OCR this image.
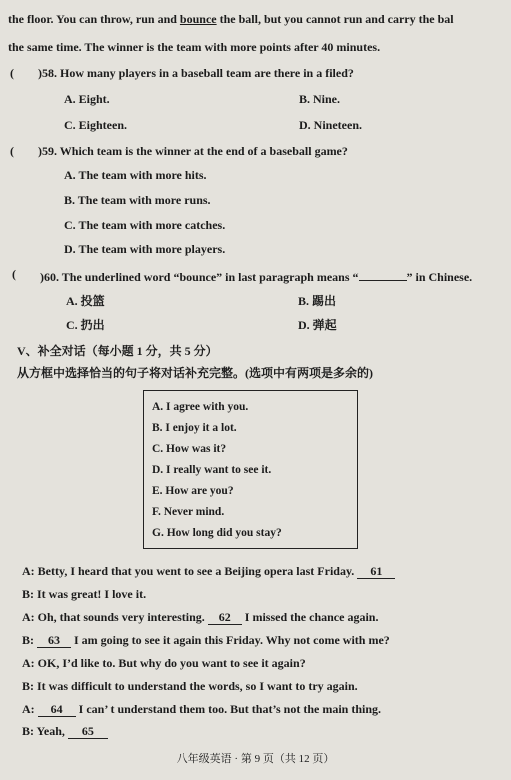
the floor. You can throw, run and bounce the ball, but you cannot run and carry the bal
the same time. The winner is the team with more points after 40 minutes.
( )58. How many players in a baseball team are there in a filed?
A. Eight.	B. Nine.
C. Eighteen.	D. Nineteen.
( )59. Which team is the winner at the end of a baseball game?
A. The team with more hits.
B. The team with more runs.
C. The team with more catches.
D. The team with more players.
( )60. The underlined word “bounce” in last paragraph means “	” in Chinese.
A. 投篮	B. 踢出
C. 扔出	D. 弹起
V、补全对话（每小题 1 分，共 5 分）
从方框中选择恰当的句子将对话补充完整。(选项中有两项是多余的)
A. I agree with you.
B. I enjoy it a lot.
C. How was it?
D. I really want to see it.
E. How are you?
F. Never mind.
G. How long did you stay?
A: Betty, I heard that you went to see a Beijing opera last Friday. 61
B: It was great! I love it.
A: Oh, that sounds very interesting. 62 I missed the chance again.
B: 63 I am going to see it again this Friday. Why not come with me?
A: OK, I’d like to. But why do you want to see it again?
B: It was difficult to understand the words, so I want to try again.
A: 64 I can’ t understand them too. But that’s not the main thing.
B: Yeah, 65
八年级英语 · 第 9 页（共 12 页）
